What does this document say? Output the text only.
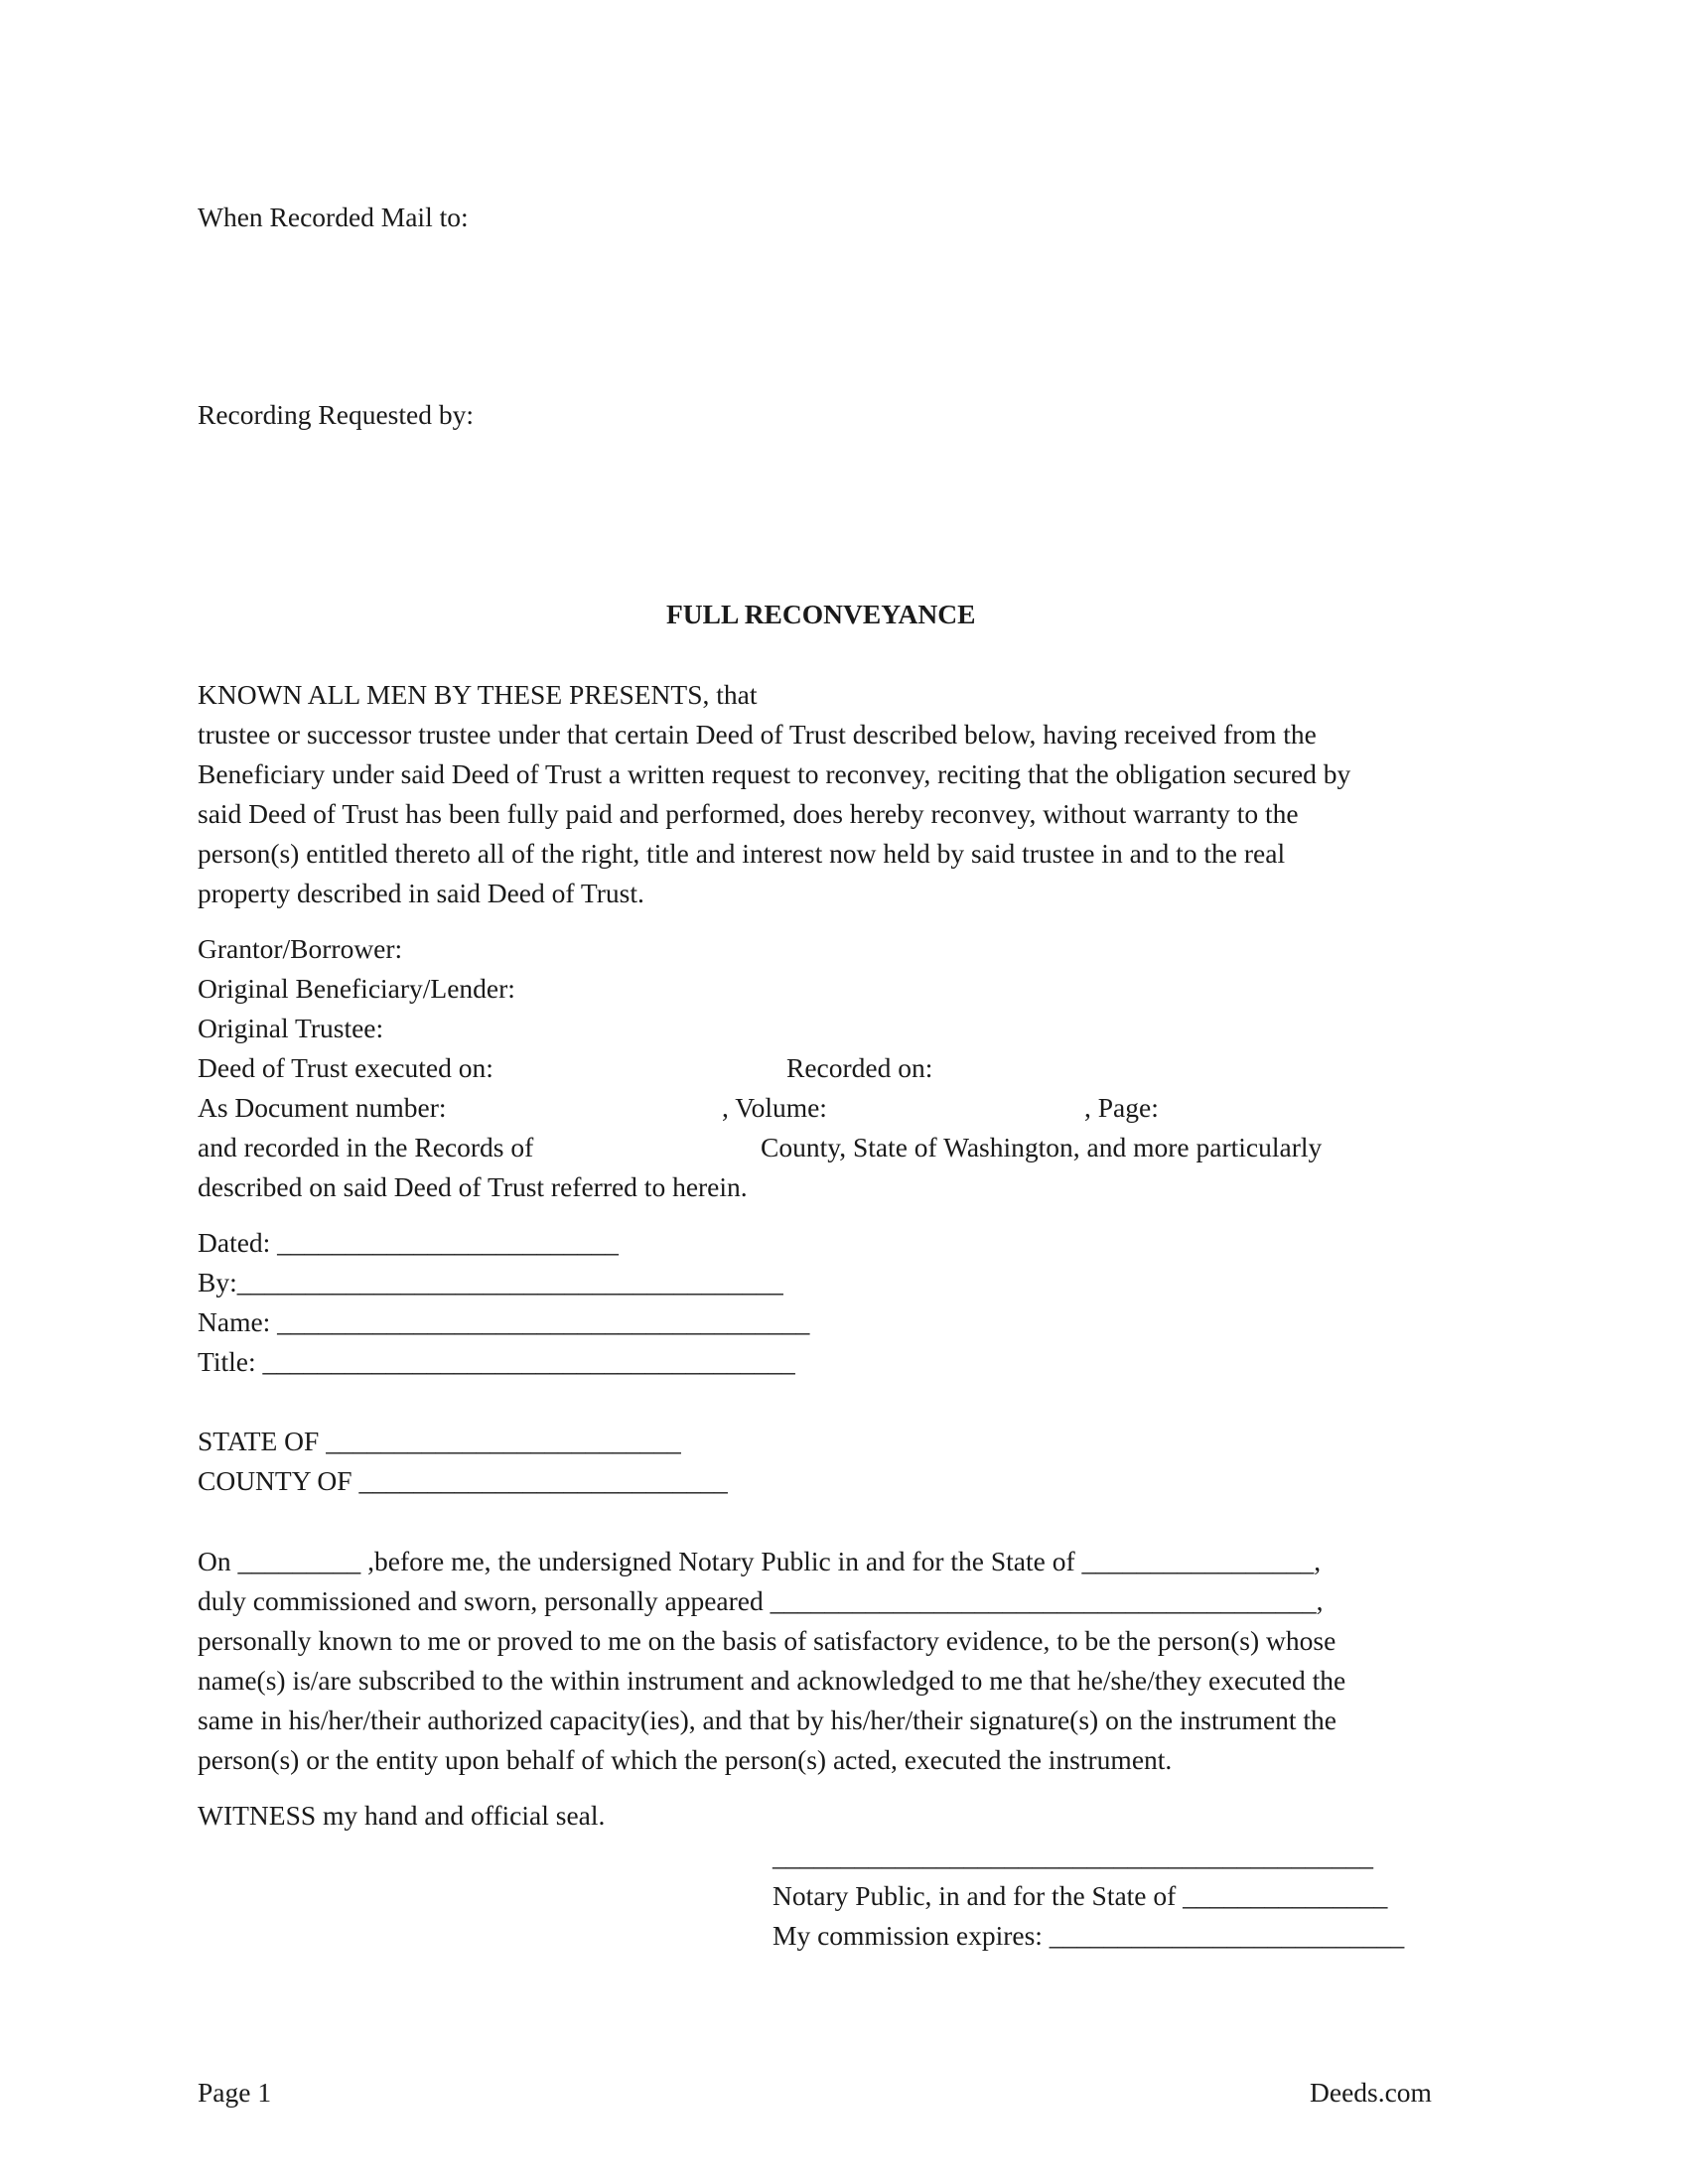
When Recorded Mail to:
Recording Requested by:
FULL RECONVEYANCE
KNOWN ALL MEN BY THESE PRESENTS, that
trustee or successor trustee under that certain Deed of Trust described below, having received from the
Beneficiary under said Deed of Trust a written request to reconvey, reciting that the obligation secured by
said Deed of Trust has been fully paid and performed, does hereby reconvey, without warranty to the
person(s) entitled thereto all of the right, title and interest now held by said trustee in and to the real
property described in said Deed of Trust.
Grantor/Borrower:
Original Beneficiary/Lender:
Original Trustee:
Deed of Trust executed on:	Recorded on:
As Document number:	, Volume:	, Page:
and recorded in the Records of	County, State of Washington, and more particularly
described on said Deed of Trust referred to herein.
Dated: _________________________
By:________________________________________
Name: _______________________________________
Title: _______________________________________
STATE OF __________________________
COUNTY OF ___________________________
On _________ ,before me, the undersigned Notary Public in and for the State of _________________,
duly commissioned and sworn, personally appeared ________________________________________,
personally known to me or proved to me on the basis of satisfactory evidence, to be the person(s) whose
name(s) is/are subscribed to the within instrument and acknowledged to me that he/she/they executed the
same in his/her/their authorized capacity(ies), and that by his/her/their signature(s) on the instrument the
person(s) or the entity upon behalf of which the person(s) acted, executed the instrument.
WITNESS my hand and official seal.
____________________________________________
Notary Public, in and for the State of _______________
My commission expires: __________________________
Page 1	Deeds.com
